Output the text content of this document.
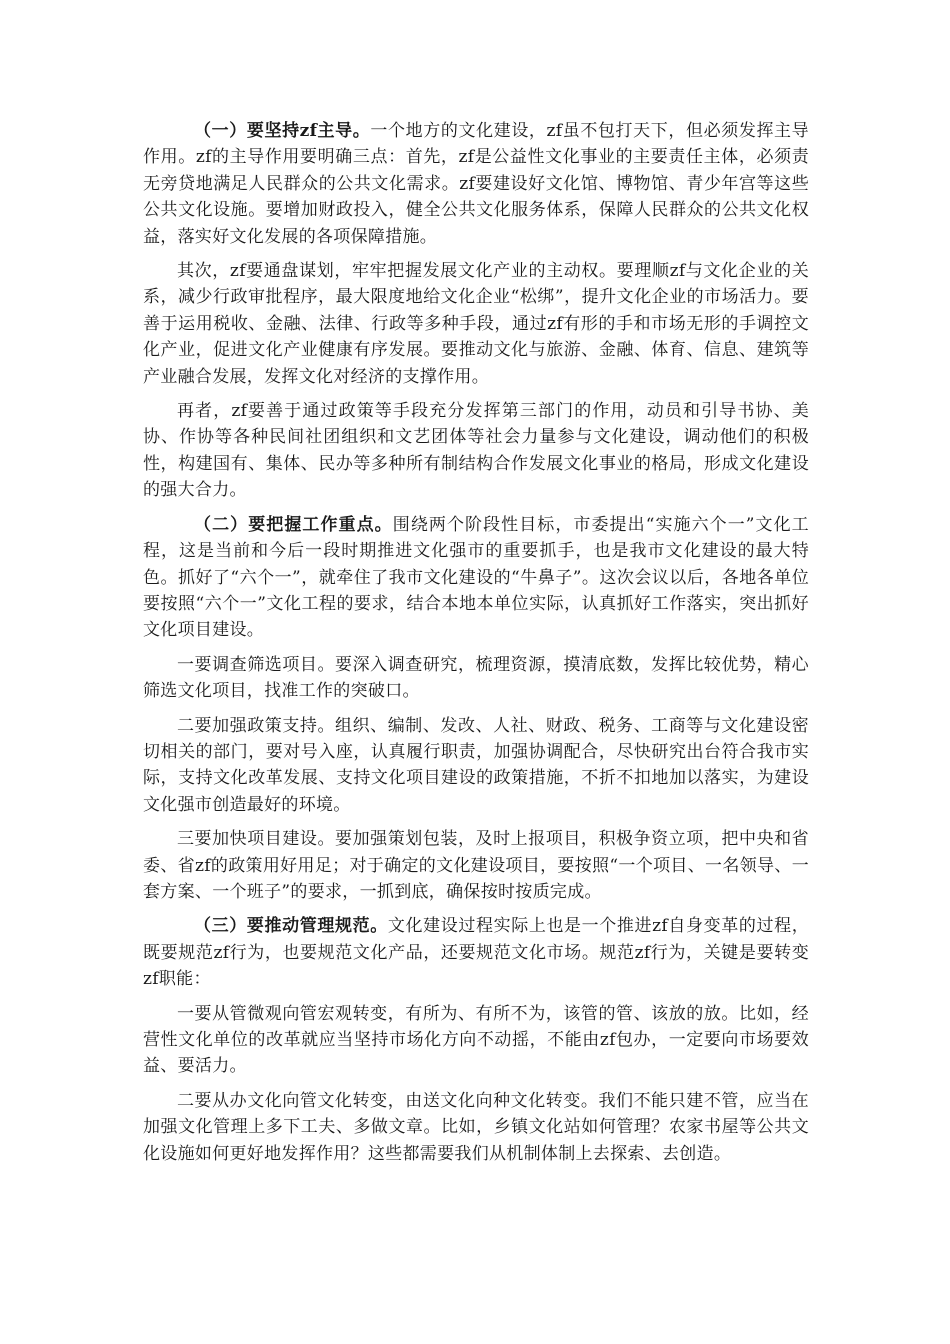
（一）要坚持zf主导。一个地方的文化建设，zf虽不包打天下，但必须发挥主导作用。zf的主导作用要明确三点：首先，zf是公益性文化事业的主要责任主体，必须责无旁贷地满足人民群众的公共文化需求。zf要建设好文化馆、博物馆、青少年宫等这些公共文化设施。要增加财政投入，健全公共文化服务体系，保障人民群众的公共文化权益，落实好文化发展的各项保障措施。

其次，zf要通盘谋划，牢牢把握发展文化产业的主动权。要理顺zf与文化企业的关系，减少行政审批程序，最大限度地给文化企业“松绑”，提升文化企业的市场活力。要善于运用税收、金融、法律、行政等多种手段，通过zf有形的手和市场无形的手调控文化产业，促进文化产业健康有序发展。要推动文化与旅游、金融、体育、信息、建筑等产业融合发展，发挥文化对经济的支撑作用。

再者，zf要善于通过政策等手段充分发挥第三部门的作用，动员和引导书协、美协、作协等各种民间社团组织和文艺团体等社会力量参与文化建设，调动他们的积极性，构建国有、集体、民办等多种所有制结构合作发展文化事业的格局，形成文化建设的强大合力。

（二）要把握工作重点。围绕两个阶段性目标，市委提出“实施六个一”文化工程，这是当前和今后一段时期推进文化强市的重要抓手，也是我市文化建设的最大特色。抓好了“六个一”，就牵住了我市文化建设的“牛鼻子”。这次会议以后，各地各单位要按照“六个一”文化工程的要求，结合本地本单位实际，认真抓好工作落实，突出抓好文化项目建设。

一要调查筛选项目。要深入调查研究，梳理资源，摸清底数，发挥比较优势，精心筛选文化项目，找准工作的突破口。

二要加强政策支持。组织、编制、发改、人社、财政、税务、工商等与文化建设密切相关的部门，要对号入座，认真履行职责，加强协调配合，尽快研究出台符合我市实际，支持文化改革发展、支持文化项目建设的政策措施，不折不扣地加以落实，为建设文化强市创造最好的环境。

三要加快项目建设。要加强策划包装，及时上报项目，积极争资立项，把中央和省委、省zf的政策用好用足；对于确定的文化建设项目，要按照“一个项目、一名领导、一套方案、一个班子”的要求，一抓到底，确保按时按质完成。

（三）要推动管理规范。文化建设过程实际上也是一个推进zf自身变革的过程，既要规范zf行为，也要规范文化产品，还要规范文化市场。规范zf行为，关键是要转变zf职能：

一要从管微观向管宏观转变，有所为、有所不为，该管的管、该放的放。比如，经营性文化单位的改革就应当坚持市场化方向不动摇，不能由zf包办，一定要向市场要效益、要活力。

二要从办文化向管文化转变，由送文化向种文化转变。我们不能只建不管，应当在加强文化管理上多下工夫、多做文章。比如，乡镇文化站如何管理？农家书屋等公共文化设施如何更好地发挥作用？这些都需要我们从机制体制上去探索、去创造。
